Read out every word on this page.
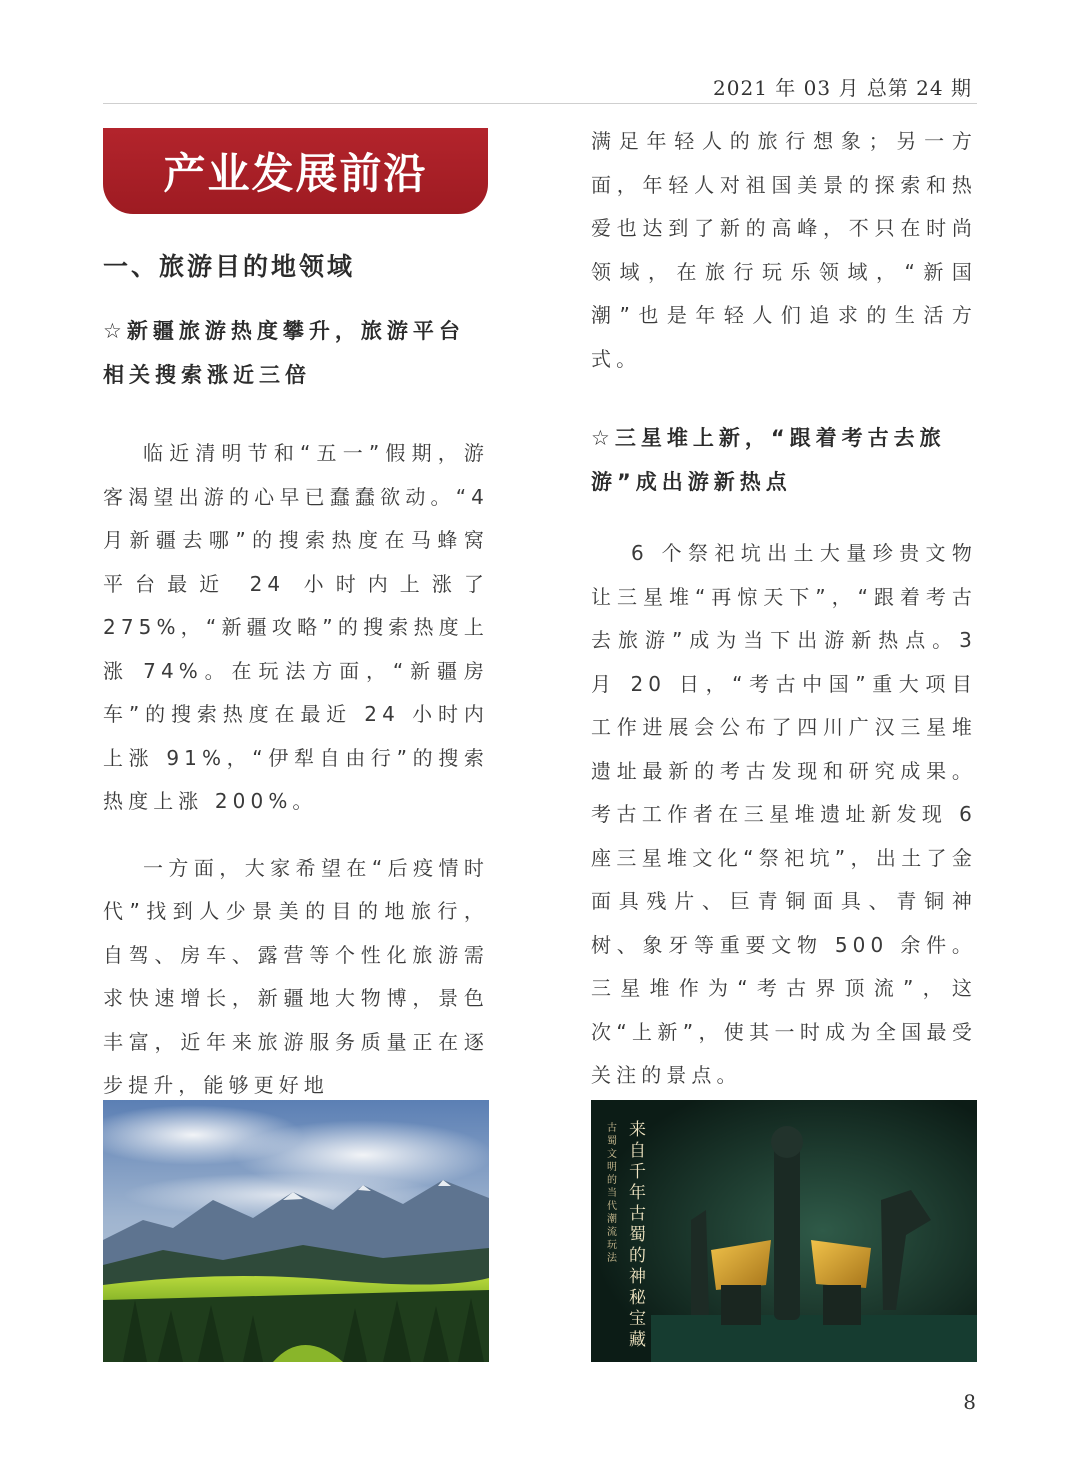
2021 年 03 月 总第 24 期
产业发展前沿

一、旅游目的地领域

☆新疆旅游热度攀升，旅游平台相关搜索涨近三倍

临近清明节和“五一”假期，游客渴望出游的心早已蠢蠢欲动。“4 月新疆去哪”的搜索热度在马蜂窝平台最近 24 小时内上涨了 275%，“新疆攻略”的搜索热度上涨 74%。在玩法方面，“新疆房车”的搜索热度在最近 24 小时内上涨 91%，“伊犁自由行”的搜索热度上涨 200%。

一方面，大家希望在“后疫情时代”找到人少景美的目的地旅行，自驾、房车、露营等个性化旅游需求快速增长，新疆地大物博，景色丰富，近年来旅游服务质量正在逐步提升，能够更好地

满足年轻人的旅行想象；另一方面，年轻人对祖国美景的探索和热爱也达到了新的高峰，不只在时尚领域，在旅行玩乐领域，“新国潮”也是年轻人们追求的生活方式。

☆三星堆上新，“跟着考古去旅游”成出游新热点

6 个祭祀坑出土大量珍贵文物让三星堆“再惊天下”，“跟着考古去旅游”成为当下出游新热点。3 月 20 日，“考古中国”重大项目工作进展会公布了四川广汉三星堆遗址最新的考古发现和研究成果。考古工作者在三星堆遗址新发现 6 座三星堆文化“祭祀坑”，出土了金面具残片、巨青铜面具、青铜神树、象牙等重要文物 500 余件。三星堆作为“考古界顶流”，这次“上新”，使其一时成为全国最受关注的景点。

来自千年古蜀的神秘宝藏
古蜀文明的当代潮流玩法
8
